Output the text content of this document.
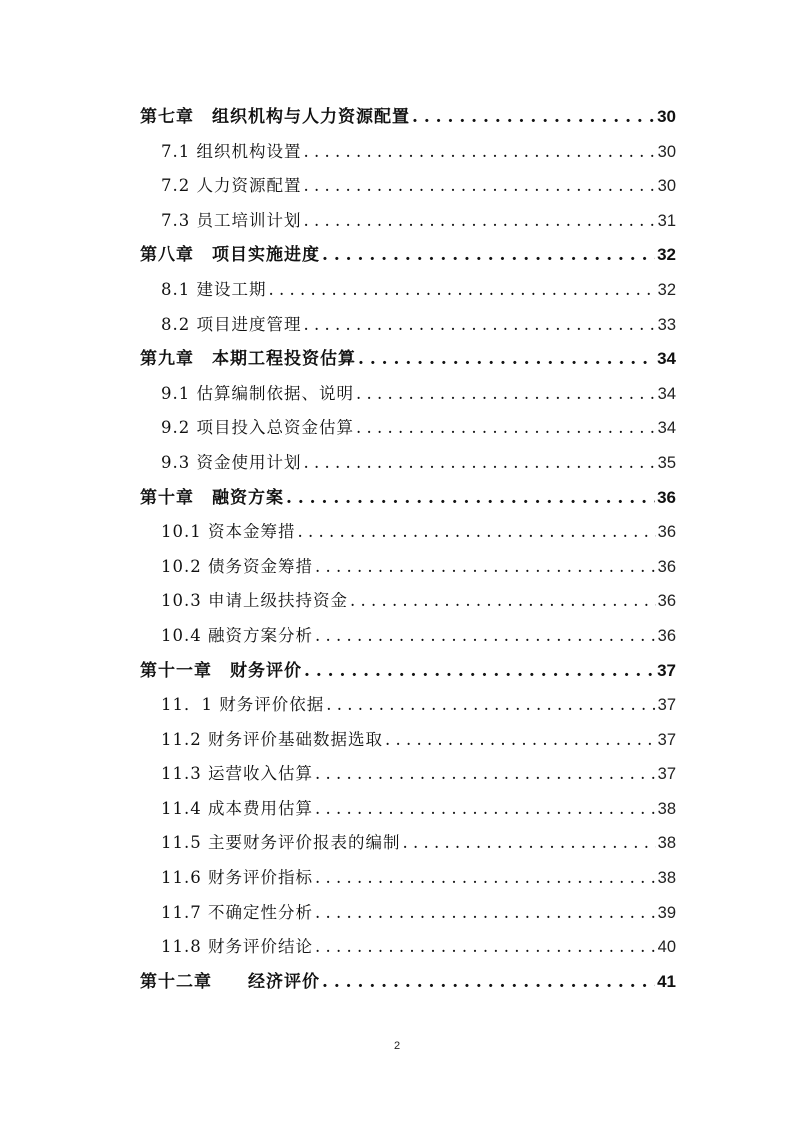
第七章　组织机构与人力资源配置 . . .	30
7.1 组织机构设置 . . .	30
7.2 人力资源配置 . . .	30
7.3 员工培训计划 . . .	31
第八章　项目实施进度 . . .	32
8.1 建设工期 . . .	32
8.2 项目进度管理 . . .	33
第九章　本期工程投资估算 . . .	34
9.1 估算编制依据、说明 . . .	34
9.2 项目投入总资金估算 . . .	34
9.3 资金使用计划 . . .	35
第十章　融资方案 . . .	36
10.1 资本金筹措 . . .	36
10.2 债务资金筹措 . . .	36
10.3 申请上级扶持资金 . . .	36
10.4 融资方案分析 . . .	36
第十一章　财务评价 . . .	37
11．1 财务评价依据 . . .	37
11.2 财务评价基础数据选取 . . .	37
11.3 运营收入估算 . . .	37
11.4 成本费用估算 . . .	38
11.5 主要财务评价报表的编制 . . .	38
11.6 财务评价指标 . . .	38
11.7 不确定性分析 . . .	39
11.8 财务评价结论 . . .	40
第十二章　　经济评价 . . .	41
2
